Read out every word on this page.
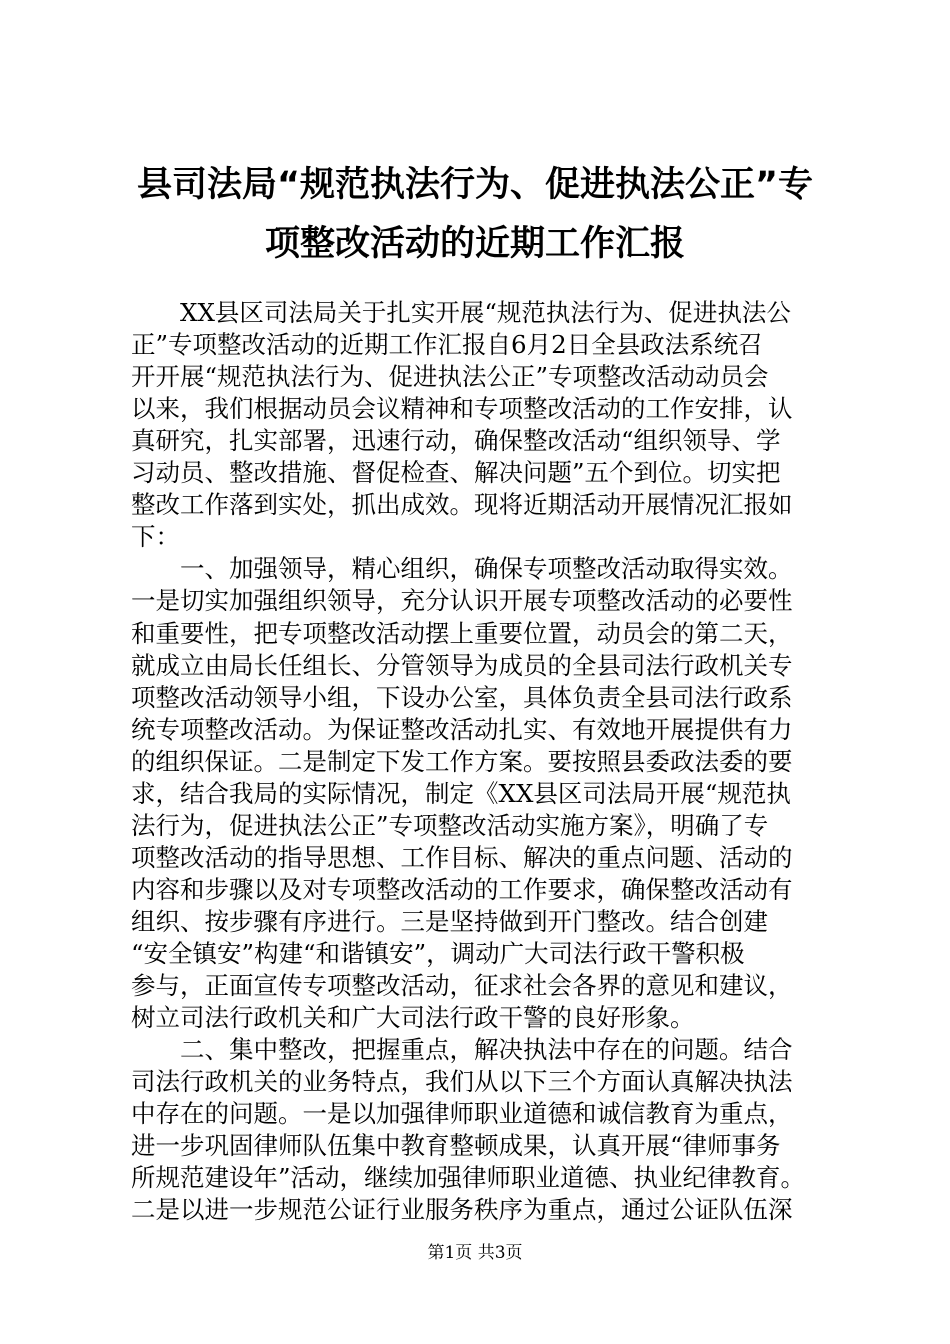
县司法局“规范执法行为、促进执法公正”专
项整改活动的近期工作汇报
　　XX县区司法局关于扎实开展“规范执法行为、促进执法公
正”专项整改活动的近期工作汇报自6月2日全县政法系统召
开开展“规范执法行为、促进执法公正”专项整改活动动员会
以来，我们根据动员会议精神和专项整改活动的工作安排，认
真研究，扎实部署，迅速行动，确保整改活动“组织领导、学
习动员、整改措施、督促检查、解决问题”五个到位。切实把
整改工作落到实处，抓出成效。现将近期活动开展情况汇报如
下：
　　一、加强领导，精心组织，确保专项整改活动取得实效。
一是切实加强组织领导，充分认识开展专项整改活动的必要性
和重要性，把专项整改活动摆上重要位置，动员会的第二天，
就成立由局长任组长、分管领导为成员的全县司法行政机关专
项整改活动领导小组，下设办公室，具体负责全县司法行政系
统专项整改活动。为保证整改活动扎实、有效地开展提供有力
的组织保证。二是制定下发工作方案。要按照县委政法委的要
求，结合我局的实际情况，制定《XX县区司法局开展“规范执
法行为，促进执法公正”专项整改活动实施方案》，明确了专
项整改活动的指导思想、工作目标、解决的重点问题、活动的
内容和步骤以及对专项整改活动的工作要求，确保整改活动有
组织、按步骤有序进行。三是坚持做到开门整改。结合创建
“安全镇安”构建“和谐镇安”，调动广大司法行政干警积极
参与，正面宣传专项整改活动，征求社会各界的意见和建议，
树立司法行政机关和广大司法行政干警的良好形象。
　　二、集中整改，把握重点，解决执法中存在的问题。结合
司法行政机关的业务特点，我们从以下三个方面认真解决执法
中存在的问题。一是以加强律师职业道德和诚信教育为重点，
进一步巩固律师队伍集中教育整顿成果，认真开展“律师事务
所规范建设年”活动，继续加强律师职业道德、执业纪律教育。
二是以进一步规范公证行业服务秩序为重点，通过公证队伍深
第1页 共3页
